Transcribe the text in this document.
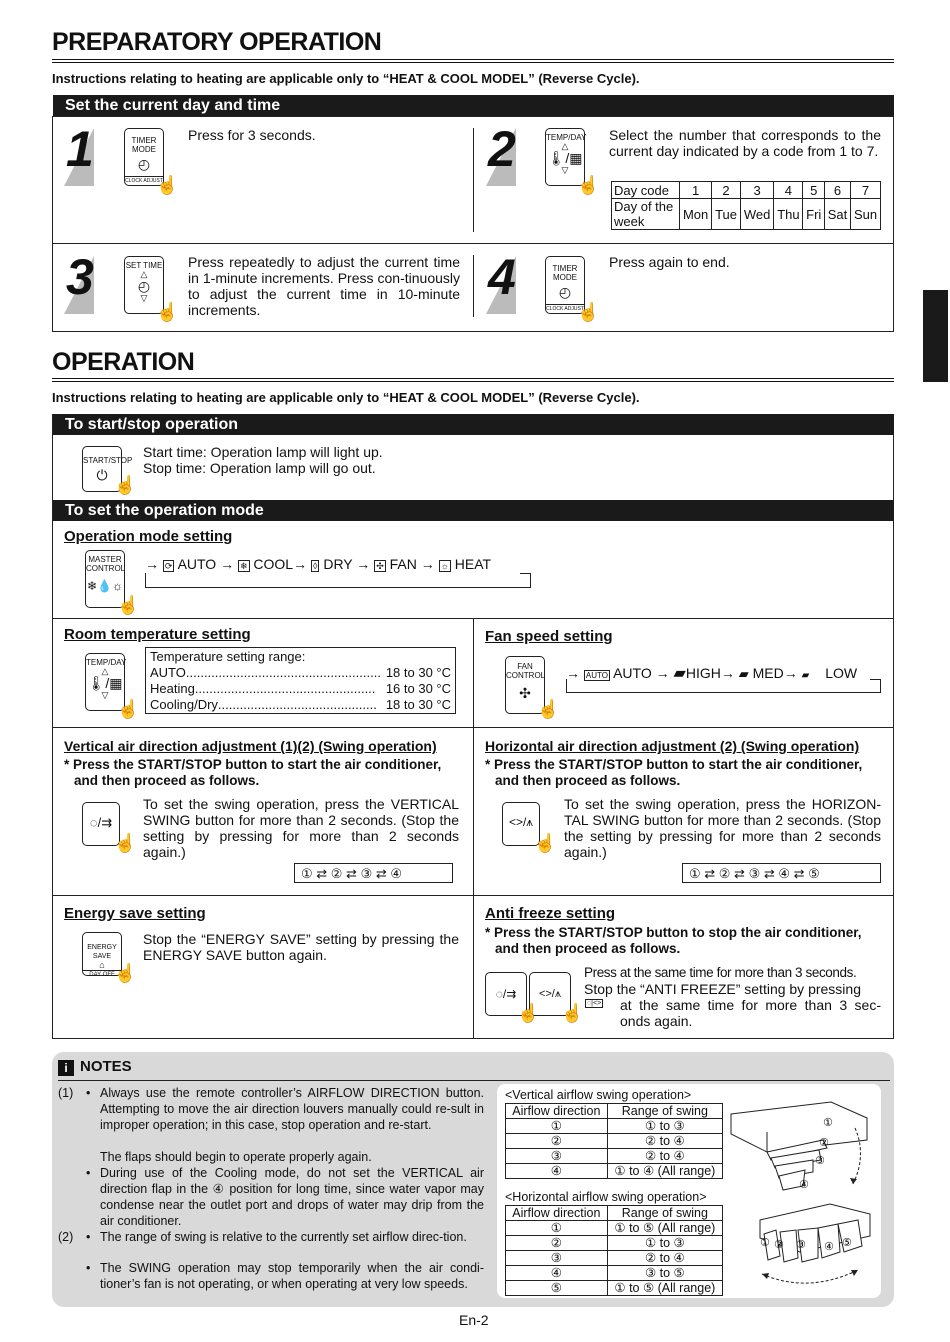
PREPARATORY OPERATION
Instructions relating to heating are applicable only to “HEAT & COOL MODEL” (Reverse Cycle).
Set the current day and time
1	TIMER MODE
◴
CLOCK ADJUST
☝
Press for 3 seconds.	2	TEMP/DAY
△
🌡/▦
▽
☝
Select the number that corresponds to the current day indicated by a code from 1 to 7.
Day code	1	2	3	4	5	6	7
Day of the week	Mon	Tue	Wed	Thu	Fri	Sat	Sun
3	SET TIME
△
◴
▽
☝
Press repeatedly to adjust the current time in 1-minute increments. Press con-tinuously to adjust the current time in 10-minute increments.
4	TIMER MODE
◴
CLOCK ADJUST
☝
Press again to end.
OPERATION
Instructions relating to heating are applicable only to “HEAT & COOL MODEL” (Reverse Cycle).
To start/stop operation
START/STOP
⏻ ☝
Start time: Operation lamp will light up.
Stop time: Operation lamp will go out.
To set the operation mode
Operation mode setting
MASTER CONTROL
❄💧☼
☝
→ ⟳ AUTO → ❄ COOL→ ◊ DRY → ✣ FAN → ☼ HEAT
Room temperature setting
TEMP/DAY
△
🌡/▦
▽
☝
Temperature setting range:
AUTO ...................................................... 18 to 30 °C
Heating .................................................. 16 to 30 °C
Cooling/Dry ............................................ 18 to 30 °C
Fan speed setting
FAN CONTROL
✣
☝
→ AUTO AUTO → ▰HIGH→ ▰ MED→ ▰ LOW
Vertical air direction adjustment (1)(2) (Swing operation)
* Press the START/STOP button to start the air conditioner, and then proceed as follows.
◌/⇉
☝
To set the swing operation, press the VERTICAL SWING button for more than 2 seconds. (Stop the setting by pressing for more than 2 seconds again.)
① ⇄ ② ⇄ ③ ⇄ ④
Horizontal air direction adjustment (2) (Swing operation)
* Press the START/STOP button to start the air conditioner, and then proceed as follows.
<>/⩚
☝
To set the swing operation, press the HORIZON-TAL SWING button for more than 2 seconds. (Stop the setting by pressing for more than 2 seconds again.)
① ⇄ ② ⇄ ③ ⇄ ④ ⇄ ⑤
Energy save setting
ENERGY SAVE
⌂
DAY OFF ☝
Stop the “ENERGY SAVE” setting by pressing the ENERGY SAVE button again.
Anti freeze setting
* Press the START/STOP button to stop the air conditioner, and then proceed as follows.
◌/⇉	<>/⩚
☝ ☝
Press at the same time for more than 3 seconds.
Stop the “ANTI FREEZE” setting by pressing
◌|<> at the same time for more than 3 sec-onds again.
i NOTES
(1) • Always use the remote controller’s AIRFLOW DIRECTION button. Attempting to move the air direction louvers manually could re-sult in improper operation; in this case, stop operation and re-start.
The flaps should begin to operate properly again.
• During use of the Cooling mode, do not set the VERTICAL air direction flap in the ④ position for long time, since water vapor may condense near the outlet port and drops of water may drip from the air conditioner.
(2) • The range of swing is relative to the currently set airflow direc-tion.
• The SWING operation may stop temporarily when the air condi-tioner’s fan is not operating, or when operating at very low speeds.
<Vertical airflow swing operation>
Airflow direction	Range of swing
①	① to ③
②	② to ④
③	② to ④
④	① to ④ (All range)
<Horizontal airflow swing operation>
Airflow direction	Range of swing
①	① to ⑤ (All range)
②	① to ③
③	② to ④
④	③ to ⑤
⑤	① to ⑤ (All range)
①
②
③
④
① ② ③ ④ ⑤
En-2
